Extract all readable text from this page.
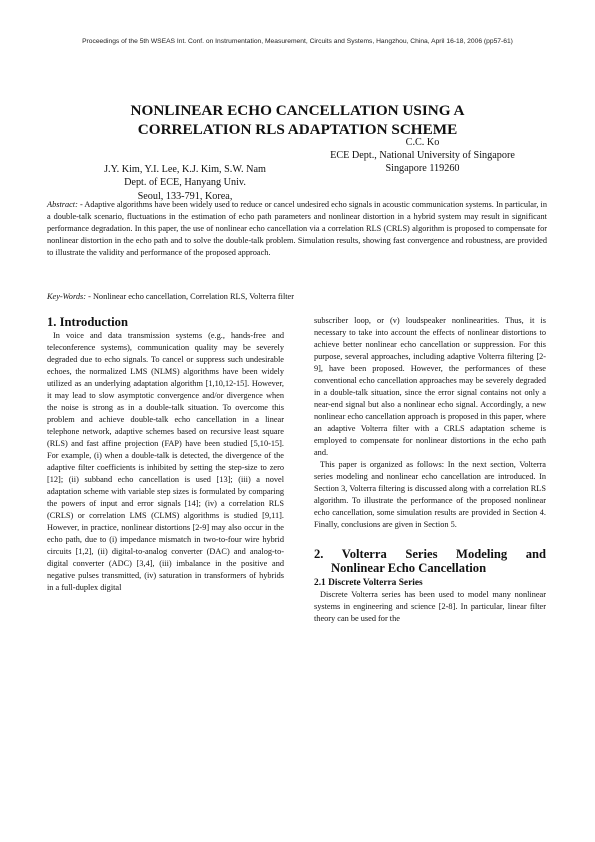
Proceedings of the 5th WSEAS Int. Conf. on Instrumentation, Measurement, Circuits and Systems, Hangzhou, China, April 16-18, 2006 (pp57-61)
NONLINEAR ECHO CANCELLATION USING A
CORRELATION RLS ADAPTATION SCHEME
J.Y. Kim, Y.I. Lee, K.J. Kim, S.W. Nam
Dept. of ECE, Hanyang Univ.
Seoul, 133-791, Korea,
C.C. Ko
ECE Dept., National University of Singapore
Singapore 119260
Abstract: - Adaptive algorithms have been widely used to reduce or cancel undesired echo signals in acoustic communication systems. In particular, in a double-talk scenario, fluctuations in the estimation of echo path parameters and nonlinear distortion in a hybrid system may result in significant performance degradation. In this paper, the use of nonlinear echo cancellation via a correlation RLS (CRLS) algorithm is proposed to compensate for nonlinear distortion in the echo path and to solve the double-talk problem. Simulation results, showing fast convergence and robustness, are provided to illustrate the validity and performance of the proposed approach.
Key-Words: - Nonlinear echo cancellation, Correlation RLS, Volterra filter

1. Introduction

In voice and data transmission systems (e.g., hands-free and teleconference systems), communication quality may be severely degraded due to echo signals. To cancel or suppress such undesirable echoes, the normalized LMS (NLMS) algorithms have been widely utilized as an underlying adaptation algorithm [1,10,12-15]. However, it may lead to slow asymptotic convergence and/or divergence when the noise is strong as in a double-talk situation. To overcome this problem and achieve double-talk echo cancellation in a linear telephone network, adaptive schemes based on recursive least square (RLS) and fast affine projection (FAP) have been studied [5,10-15]. For example, (i) when a double-talk is detected, the divergence of the adaptive filter coefficients is inhibited by setting the step-size to zero [12]; (ii) subband echo cancellation is used [13]; (iii) a novel adaptation scheme with variable step sizes is formulated by comparing the powers of input and error signals [14]; (iv) a correlation RLS (CRLS) or correlation LMS (CLMS) algorithms is studied [9,11]. However, in practice, nonlinear distortions [2-9] may also occur in the echo path, due to (i) impedance mismatch in two-to-four wire hybrid circuits [1,2], (ii) digital-to-analog converter (DAC) and analog-to-digital converter (ADC) [3,4], (iii) imbalance in the positive and negative pulses transmitted, (iv) saturation in transformers of hybrids in a full-duplex digital

subscriber loop, or (v) loudspeaker nonlinearities. Thus, it is necessary to take into account the effects of nonlinear distortions to achieve better nonlinear echo cancellation or suppression. For this purpose, several approaches, including adaptive Volterra filtering [2-9], have been proposed. However, the performances of these conventional echo cancellation approaches may be severely degraded in a double-talk situation, since the error signal contains not only a near-end signal but also a nonlinear echo signal. Accordingly, a new nonlinear echo cancellation approach is proposed in this paper, where an adaptive Volterra filter with a CRLS adaptation scheme is employed to compensate for nonlinear distortions in the echo path and.

This paper is organized as follows: In the next section, Volterra series modeling and nonlinear echo cancellation are introduced. In Section 3, Volterra filtering is discussed along with a correlation RLS algorithm. To illustrate the performance of the proposed nonlinear echo cancellation, some simulation results are provided in Section 4. Finally, conclusions are given in Section 5.

2. Volterra Series Modeling and

Nonlinear Echo Cancellation

2.1 Discrete Volterra Series

Discrete Volterra series has been used to model many nonlinear systems in engineering and science [2-8]. In particular, linear filter theory can be used for the
